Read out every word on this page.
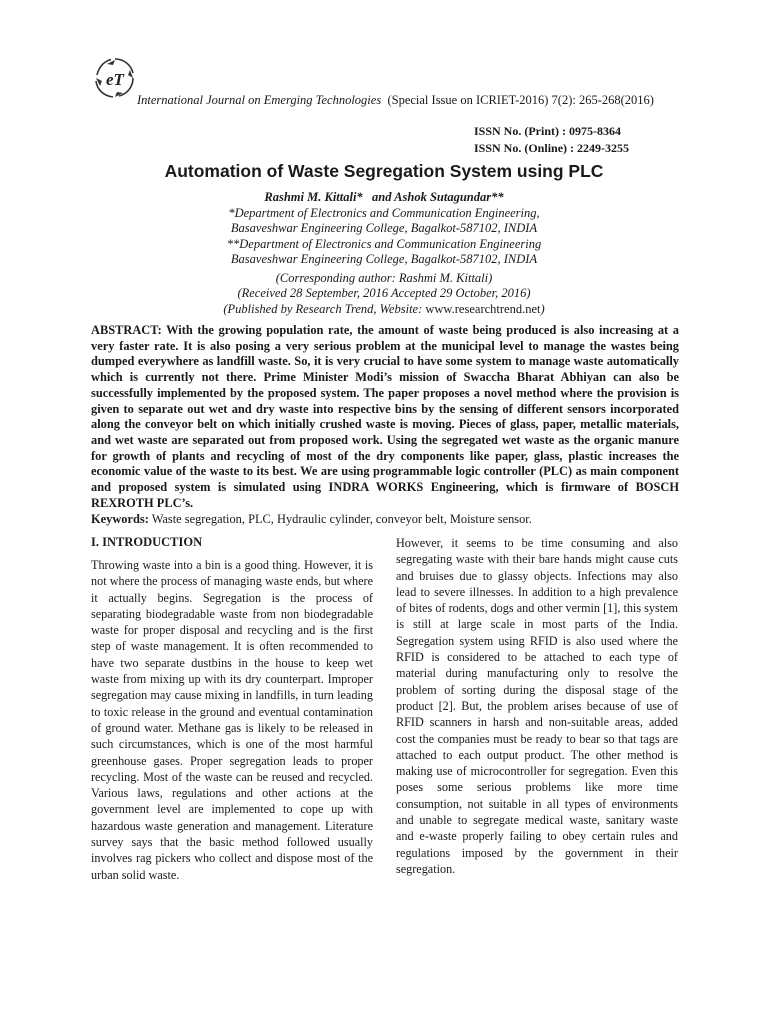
eT
International Journal on Emerging Technologies (Special Issue on ICRIET-2016) 7(2): 265-268(2016)
ISSN No. (Print) : 0975-8364
ISSN No. (Online) : 2249-3255
Automation of Waste Segregation System using PLC
Rashmi M. Kittali*   and Ashok Sutagundar**
*Department of Electronics and Communication Engineering,
Basaveshwar Engineering College, Bagalkot-587102, INDIA
**Department of Electronics and Communication Engineering
Basaveshwar Engineering College, Bagalkot-587102, INDIA
(Corresponding author: Rashmi M. Kittali)
(Received 28 September, 2016 Accepted 29 October, 2016)
(Published by Research Trend, Website: www.researchtrend.net)
ABSTRACT: With the growing population rate, the amount of waste being produced is also increasing at a very faster rate. It is also posing a very serious problem at the municipal level to manage the wastes being dumped everywhere as landfill waste. So, it is very crucial to have some system to manage waste automatically which is currently not there. Prime Minister Modi’s mission of Swaccha Bharat Abhiyan can also be successfully implemented by the proposed system. The paper proposes a novel method where the provision is given to separate out wet and dry waste into respective bins by the sensing of different sensors incorporated along the conveyor belt on which initially crushed waste is moving. Pieces of glass, paper, metallic materials, and wet waste are separated out from proposed work. Using the segregated wet waste as the organic manure for growth of plants and recycling of most of the dry components like paper, glass, plastic increases the economic value of the waste to its best. We are using programmable logic controller (PLC) as main component and proposed system is simulated using INDRA WORKS Engineering, which is firmware of BOSCH REXROTH PLC’s.
Keywords: Waste segregation, PLC, Hydraulic cylinder, conveyor belt, Moisture sensor.
I. INTRODUCTION
Throwing waste into a bin is a good thing. However, it is not where the process of managing waste ends, but where it actually begins. Segregation is the process of separating biodegradable waste from non biodegradable waste for proper disposal and recycling and is the first step of waste management. It is often recommended to have two separate dustbins in the house to keep wet waste from mixing up with its dry counterpart. Improper segregation may cause mixing in landfills, in turn leading to toxic release in the ground and eventual contamination of ground water. Methane gas is likely to be released in such circumstances, which is one of the most harmful greenhouse gases. Proper segregation leads to proper recycling. Most of the waste can be reused and recycled. Various laws, regulations and other actions at the government level are implemented to cope up with hazardous waste generation and management. Literature survey says that the basic method followed usually involves rag pickers who collect and dispose most of the urban solid waste.
However, it seems to be time consuming and also segregating waste with their bare hands might cause cuts and bruises due to glassy objects. Infections may also lead to severe illnesses. In addition to a high prevalence of bites of rodents, dogs and other vermin [1], this system is still at large scale in most parts of the India. Segregation system using RFID is also used where the RFID is considered to be attached to each type of material during manufacturing only to resolve the problem of sorting during the disposal stage of the product [2]. But, the problem arises because of use of RFID scanners in harsh and non-suitable areas, added cost the companies must be ready to bear so that tags are attached to each output product. The other method is making use of microcontroller for segregation. Even this poses some serious problems like more time consumption, not suitable in all types of environments and unable to segregate medical waste, sanitary waste and e-waste properly failing to obey certain rules and regulations imposed by the government in their segregation.
